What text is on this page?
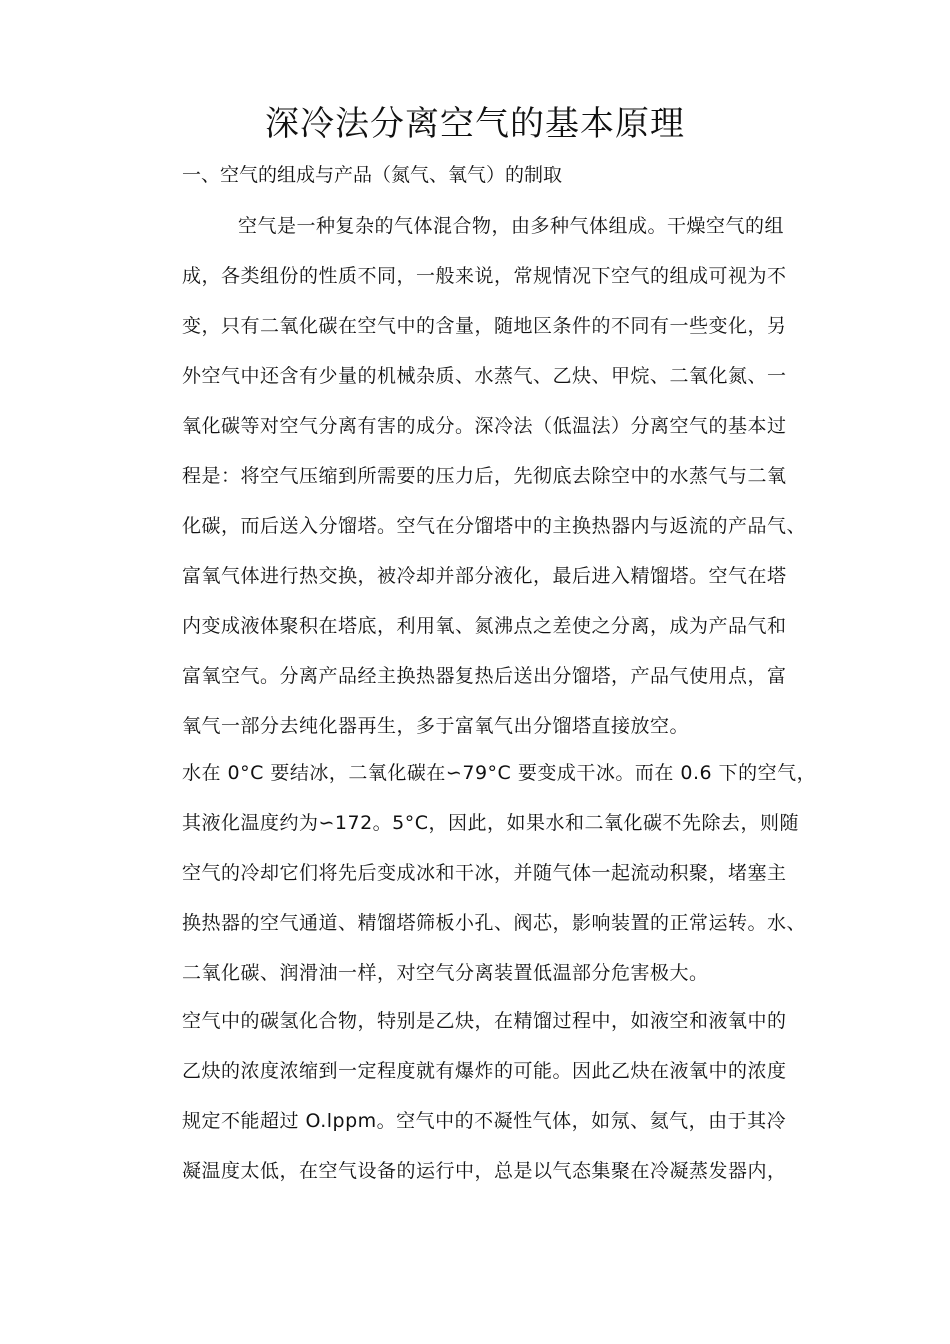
深冷法分离空气的基本原理

一、空气的组成与产品（氮气、氧气）的制取

空气是一种复杂的气体混合物，由多种气体组成。干燥空气的组
成，各类组份的性质不同，一般来说，常规情况下空气的组成可视为不
变，只有二氧化碳在空气中的含量，随地区条件的不同有一些变化，另
外空气中还含有少量的机械杂质、水蒸气、乙炔、甲烷、二氧化氮、一
氧化碳等对空气分离有害的成分。深冷法（低温法）分离空气的基本过
程是：将空气压缩到所需要的压力后，先彻底去除空中的水蒸气与二氧
化碳，而后送入分馏塔。空气在分馏塔中的主换热器内与返流的产品气、
富氧气体进行热交换，被冷却并部分液化，最后进入精馏塔。空气在塔
内变成液体聚积在塔底，利用氧、氮沸点之差使之分离，成为产品气和
富氧空气。分离产品经主换热器复热后送出分馏塔，产品气使用点，富
氧气一部分去纯化器再生，多于富氧气出分馏塔直接放空。
水在 0°C 要结冰，二氧化碳在∽79°C 要变成干冰。而在 0.6 下的空气，
其液化温度约为∽172。5°C，因此，如果水和二氧化碳不先除去，则随
空气的冷却它们将先后变成冰和干冰，并随气体一起流动积聚，堵塞主
换热器的空气通道、精馏塔筛板小孔、阀芯，影响装置的正常运转。水、
二氧化碳、润滑油一样，对空气分离装置低温部分危害极大。
空气中的碳氢化合物，特别是乙炔，在精馏过程中，如液空和液氧中的
乙炔的浓度浓缩到一定程度就有爆炸的可能。因此乙炔在液氧中的浓度
规定不能超过 O.lppm。空气中的不凝性气体，如氖、氦气，由于其冷
凝温度太低，在空气设备的运行中，总是以气态集聚在冷凝蒸发器内，
